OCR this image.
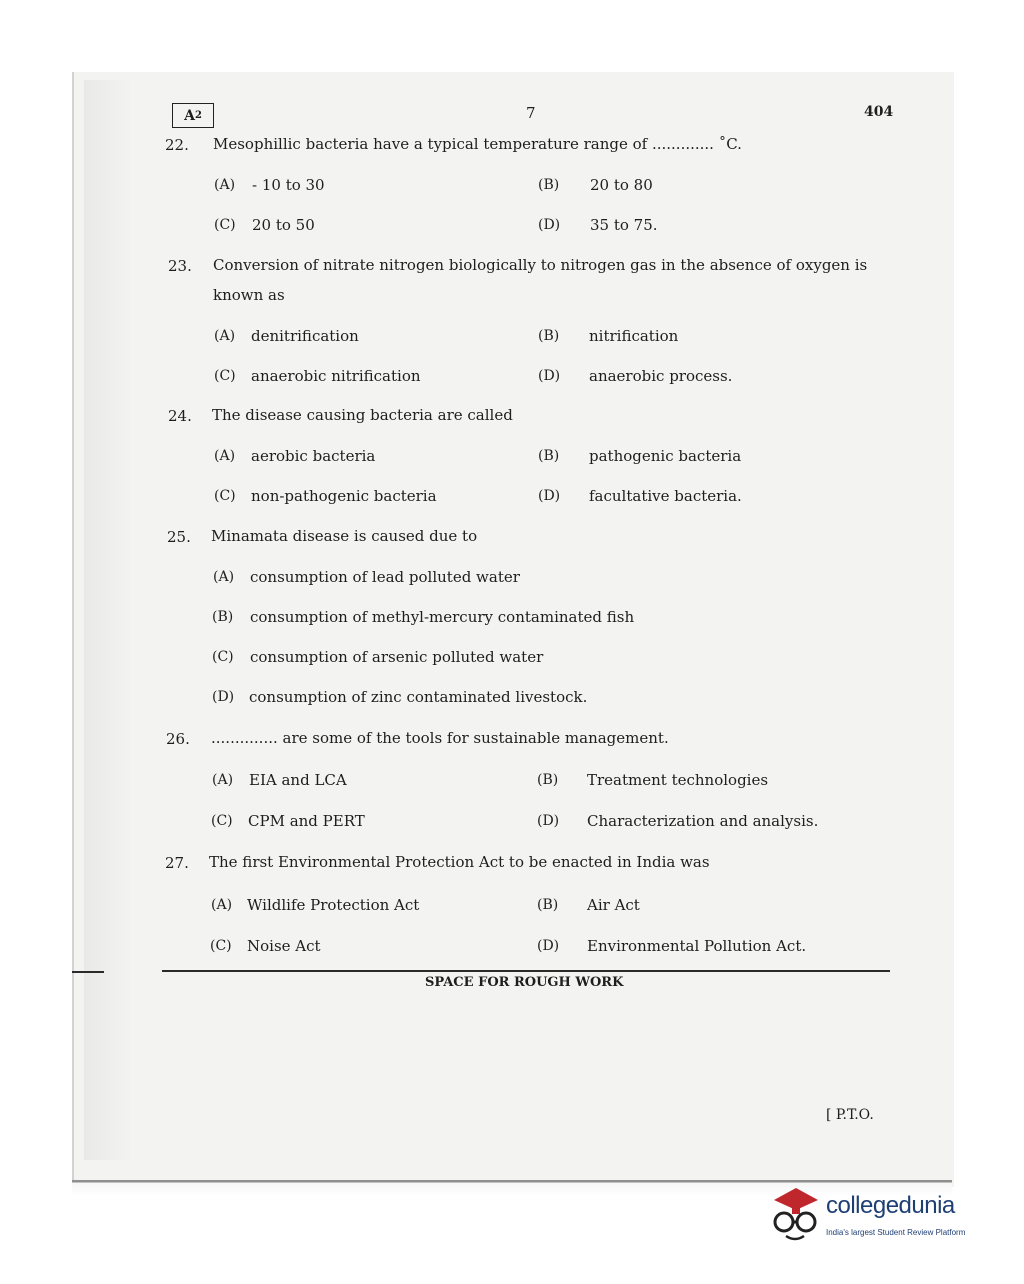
A 2	7	404
22. Mesophillic bacteria have a typical temperature range of ............. ˚C.
(A) - 10 to 30	(B) 20 to 80
(C) 20 to 50	(D) 35 to 75.
23. Conversion of nitrate nitrogen biologically to nitrogen gas in the absence of oxygen is known as
(A) denitrification	(B) nitrification
(C) anaerobic nitrification	(D) anaerobic process.
24. The disease causing bacteria are called
(A) aerobic bacteria	(B) pathogenic bacteria
(C) non-pathogenic bacteria	(D) facultative bacteria.
25. Minamata disease is caused due to
(A) consumption of lead polluted water
(B) consumption of methyl-mercury contaminated fish
(C) consumption of arsenic polluted water
(D) consumption of zinc contaminated livestock.
26. .............. are some of the tools for sustainable management.
(A) EIA and LCA	(B) Treatment technologies
(C) CPM and PERT	(D) Characterization and analysis.
27. The first Environmental Protection Act to be enacted in India was
(A) Wildlife Protection Act	(B) Air Act
(C) Noise Act	(D) Environmental Pollution Act.
SPACE FOR ROUGH WORK
[ P.T.O.
collegedunia
India's largest Student Review Platform
